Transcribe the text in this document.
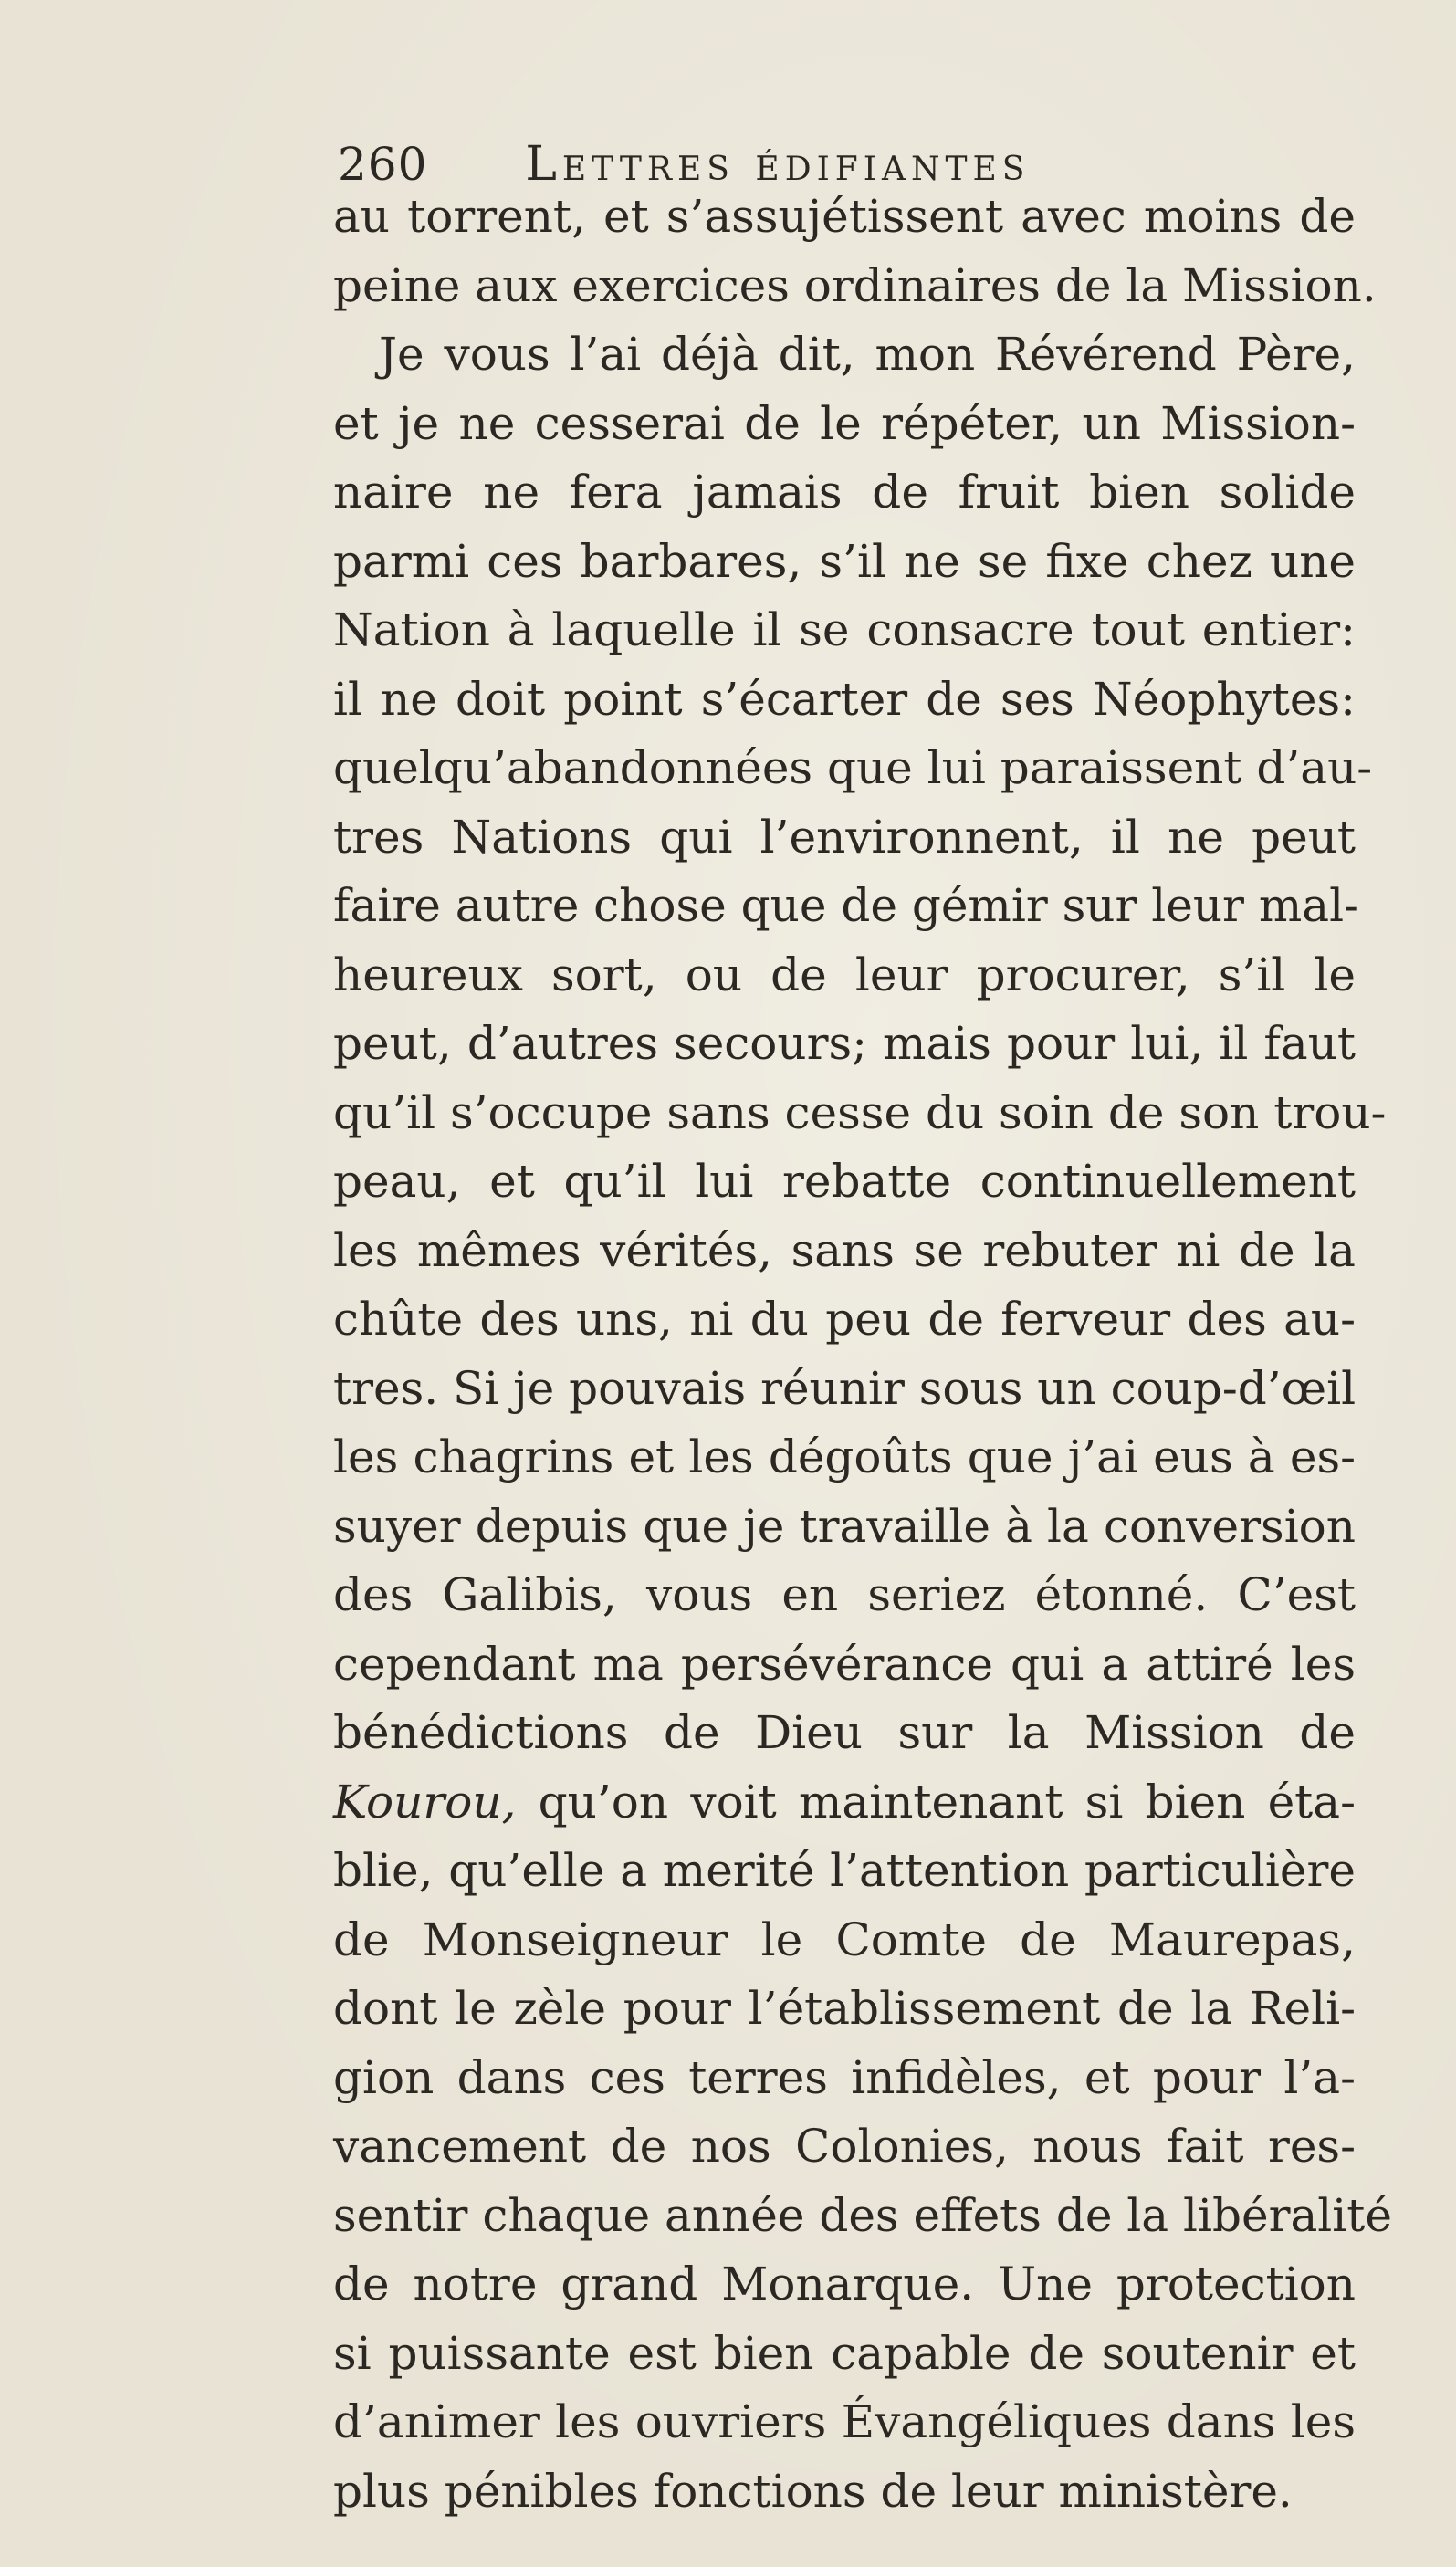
260 Lettres édifiantes
au torrent, et s’assujétissent avec moins de
peine aux exercices ordinaires de la Mission.
Je vous l’ai déjà dit, mon Révérend Père,
et je ne cesserai de le répéter, un Mission-
naire ne fera jamais de fruit bien solide
parmi ces barbares, s’il ne se fixe chez une
Nation à laquelle il se consacre tout entier:
il ne doit point s’écarter de ses Néophytes:
quelqu’abandonnées que lui paraissent d’au-
tres Nations qui l’environnent, il ne peut
faire autre chose que de gémir sur leur mal-
heureux sort, ou de leur procurer, s’il le
peut, d’autres secours; mais pour lui, il faut
qu’il s’occupe sans cesse du soin de son trou-
peau, et qu’il lui rebatte continuellement
les mêmes vérités, sans se rebuter ni de la
chûte des uns, ni du peu de ferveur des au-
tres. Si je pouvais réunir sous un coup-d’œil
les chagrins et les dégoûts que j’ai eus à es-
suyer depuis que je travaille à la conversion
des Galibis, vous en seriez étonné. C’est
cependant ma persévérance qui a attiré les
bénédictions de Dieu sur la Mission de
Kourou, qu’on voit maintenant si bien éta-
blie, qu’elle a merité l’attention particulière
de Monseigneur le Comte de Maurepas,
dont le zèle pour l’établissement de la Reli-
gion dans ces terres infidèles, et pour l’a-
vancement de nos Colonies, nous fait res-
sentir chaque année des effets de la libéralité
de notre grand Monarque. Une protection
si puissante est bien capable de soutenir et
d’animer les ouvriers Évangéliques dans les
plus pénibles fonctions de leur ministère.
